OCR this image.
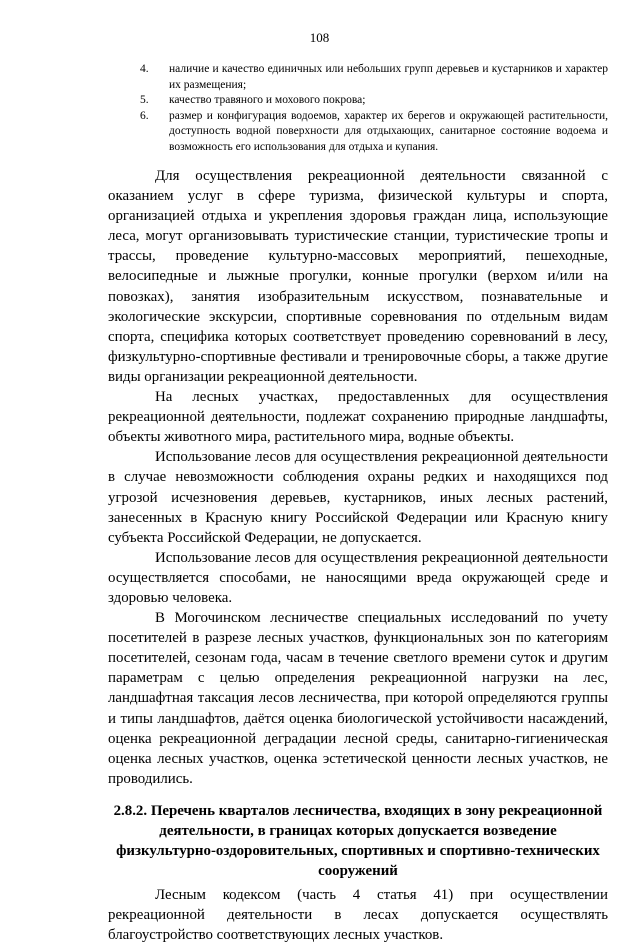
108
4. наличие и качество единичных или небольших групп деревьев и кустарников и характер их размещения;
5. качество травяного и мохового покрова;
6. размер и конфигурация водоемов, характер их берегов и окружающей растительности, доступность водной поверхности для отдыхающих, санитарное состояние водоема и возможность его использования для отдыха и купания.

Для осуществления рекреационной деятельности связанной с оказанием услуг в сфере туризма, физической культуры и спорта, организацией отдыха и укрепления здоровья граждан лица, использующие леса, могут организовывать туристические станции, туристические тропы и трассы, проведение культурно-массовых мероприятий, пешеходные, велосипедные и лыжные прогулки, конные прогулки (верхом и/или на повозках), занятия изобразительным искусством, познавательные и экологические экскурсии, спортивные соревнования по отдельным видам спорта, специфика которых соответствует проведению соревнований в лесу, физкультурно-спортивные фестивали и тренировочные сборы, а также другие виды организации рекреационной деятельности.

На лесных участках, предоставленных для осуществления рекреационной деятельности, подлежат сохранению природные ландшафты, объекты животного мира, растительного мира, водные объекты.

Использование лесов для осуществления рекреационной деятельности в случае невозможности соблюдения охраны редких и находящихся под угрозой исчезновения деревьев, кустарников, иных лесных растений, занесенных в Красную книгу Российской Федерации или Красную книгу субъекта Российской Федерации, не допускается.

Использование лесов для осуществления рекреационной деятельности осуществляется способами, не наносящими вреда окружающей среде и здоровью человека.

В Могочинском лесничестве специальных исследований по учету посетителей в разрезе лесных участков, функциональных зон по категориям посетителей, сезонам года, часам в течение светлого времени суток и другим параметрам с целью определения рекреационной нагрузки на лес, ландшафтная таксация лесов лесничества, при которой определяются группы и типы ландшафтов, даётся оценка биологической устойчивости насаждений, оценка рекреационной деградации лесной среды, санитарно-гигиеническая оценка лесных участков, оценка эстетической ценности лесных участков, не проводились.

2.8.2. Перечень кварталов лесничества, входящих в зону рекреационной
деятельности, в границах которых допускается возведение
физкультурно-оздоровительных, спортивных и спортивно-технических
сооружений

Лесным кодексом (часть 4 статья 41) при осуществлении рекреационной деятельности в лесах допускается осуществлять благоустройство соответствующих лесных участков.
